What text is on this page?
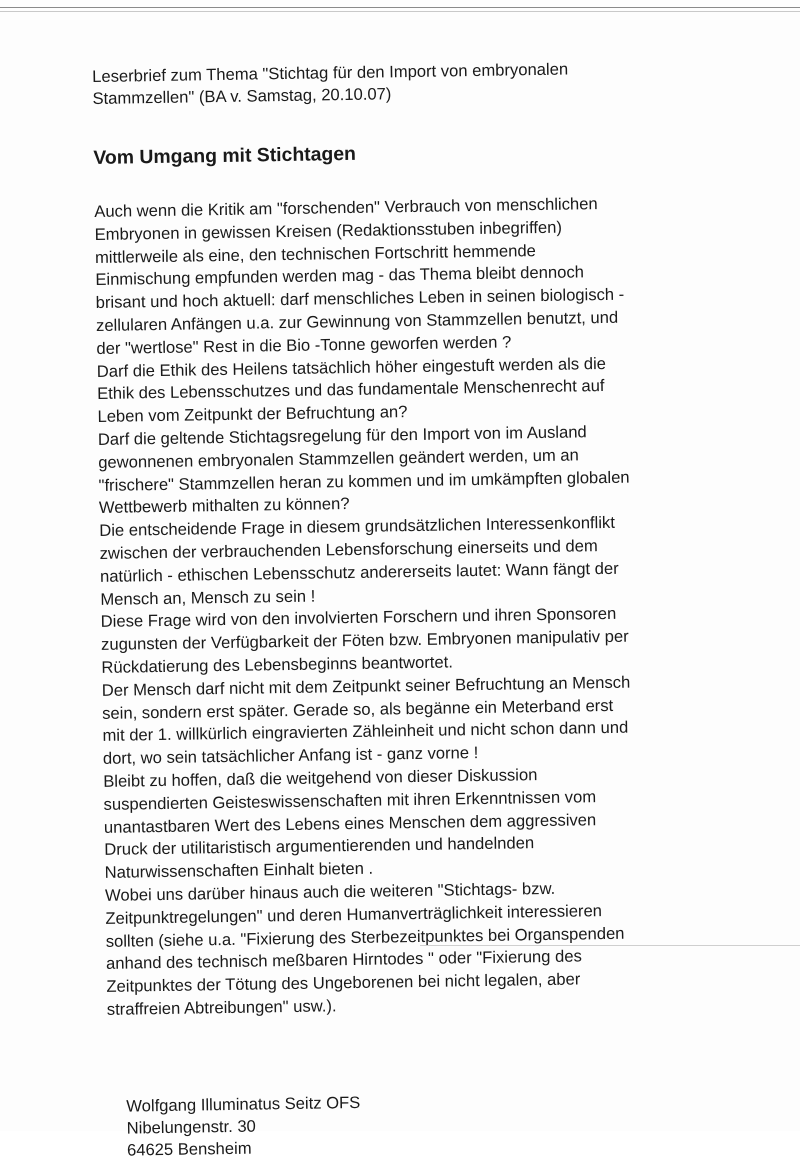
Leserbrief zum Thema "Stichtag für den Import von embryonalen
Stammzellen" (BA v. Samstag, 20.10.07)

Vom Umgang mit Stichtagen
Auch wenn die Kritik am "forschenden" Verbrauch von menschlichen
Embryonen in gewissen Kreisen (Redaktionsstuben inbegriffen)
mittlerweile als eine, den technischen Fortschritt hemmende
Einmischung empfunden werden mag - das Thema bleibt dennoch
brisant und hoch aktuell: darf menschliches Leben in seinen biologisch -
zellularen Anfängen u.a. zur Gewinnung von Stammzellen benutzt, und
der "wertlose" Rest in die Bio -Tonne geworfen werden ?
Darf die Ethik des Heilens tatsächlich höher eingestuft werden als die
Ethik des Lebensschutzes und das fundamentale Menschenrecht auf
Leben vom Zeitpunkt der Befruchtung an?
Darf die geltende Stichtagsregelung für den Import von im Ausland
gewonnenen embryonalen Stammzellen geändert werden, um an
"frischere" Stammzellen heran zu kommen und im umkämpften globalen
Wettbewerb mithalten zu können?
Die entscheidende Frage in diesem grundsätzlichen Interessenkonflikt
zwischen der verbrauchenden Lebensforschung einerseits und dem
natürlich - ethischen Lebensschutz andererseits lautet: Wann fängt der
Mensch an, Mensch zu sein !
Diese Frage wird von den involvierten Forschern und ihren Sponsoren
zugunsten der Verfügbarkeit der Föten bzw. Embryonen manipulativ per
Rückdatierung des Lebensbeginns beantwortet.
Der Mensch darf nicht mit dem Zeitpunkt seiner Befruchtung an Mensch
sein, sondern erst später. Gerade so, als begänne ein Meterband erst
mit der 1. willkürlich eingravierten Zähleinheit und nicht schon dann und
dort, wo sein tatsächlicher Anfang ist - ganz vorne !
Bleibt zu hoffen, daß die weitgehend von dieser Diskussion
suspendierten Geisteswissenschaften mit ihren Erkenntnissen vom
unantastbaren Wert des Lebens eines Menschen dem aggressiven
Druck der utilitaristisch argumentierenden und handelnden
Naturwissenschaften Einhalt bieten .
Wobei uns darüber hinaus auch die weiteren "Stichtags- bzw.
Zeitpunktregelungen" und deren Humanverträglichkeit interessieren
sollten (siehe u.a. "Fixierung des Sterbezeitpunktes bei Organspenden
anhand des technisch meßbaren Hirntodes " oder "Fixierung des
Zeitpunktes der Tötung des Ungeborenen bei nicht legalen, aber
straffreien Abtreibungen" usw.).
Wolfgang Illuminatus Seitz OFS
Nibelungenstr. 30
64625 Bensheim
